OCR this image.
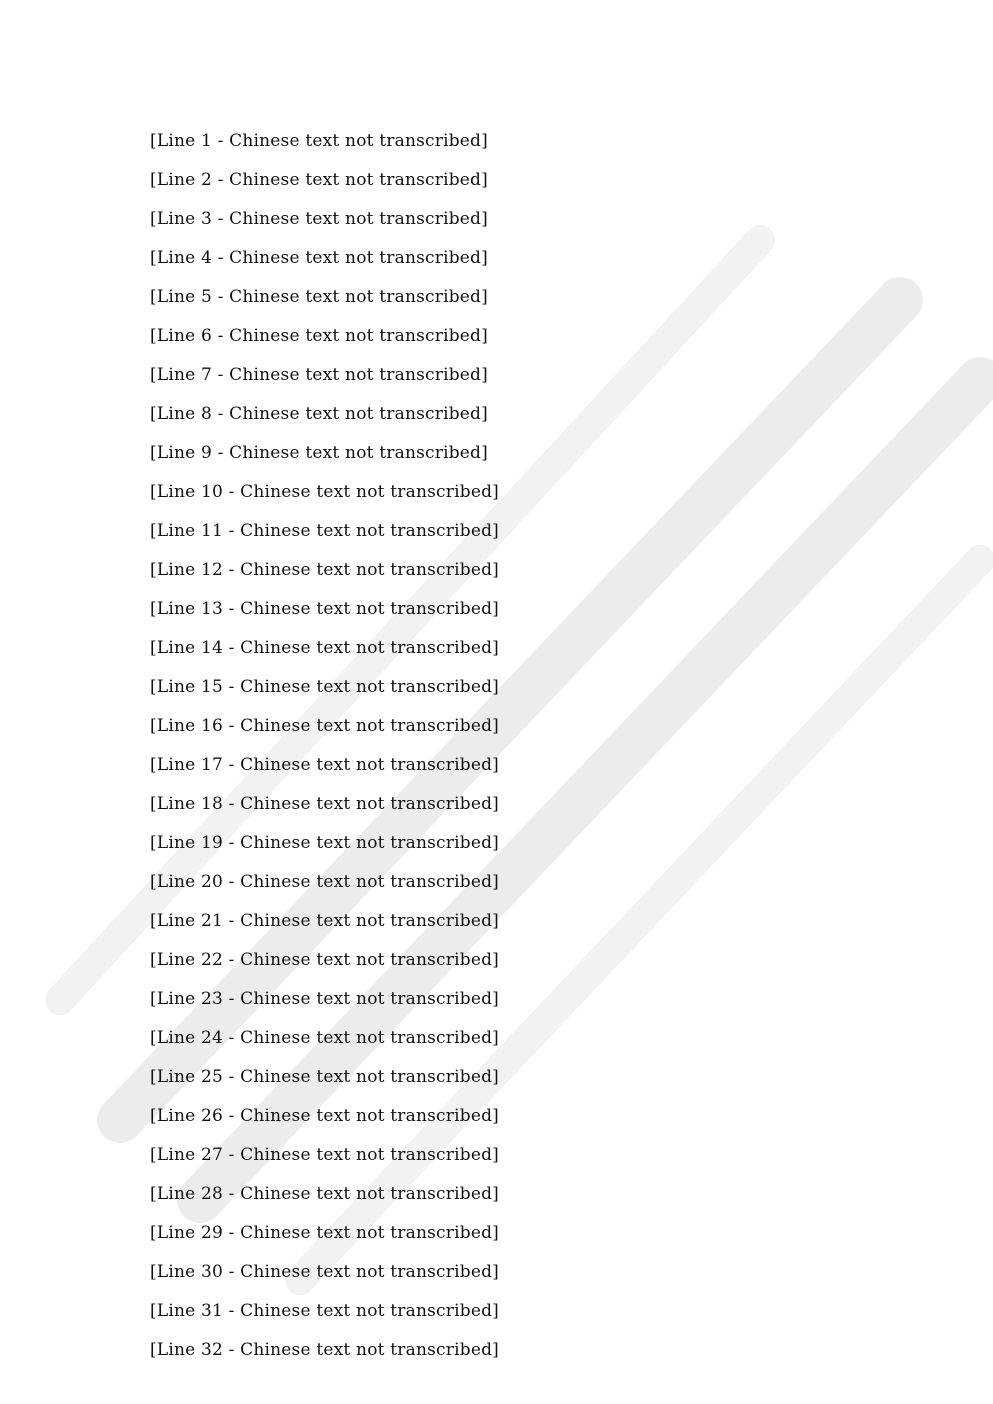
[Line 1 - Chinese text not transcribed]
[Line 2 - Chinese text not transcribed]
[Line 3 - Chinese text not transcribed]
[Line 4 - Chinese text not transcribed]
[Line 5 - Chinese text not transcribed]
[Line 6 - Chinese text not transcribed]
[Line 7 - Chinese text not transcribed]
[Line 8 - Chinese text not transcribed]
[Line 9 - Chinese text not transcribed]
[Line 10 - Chinese text not transcribed]
[Line 11 - Chinese text not transcribed]
[Line 12 - Chinese text not transcribed]
[Line 13 - Chinese text not transcribed]
[Line 14 - Chinese text not transcribed]
[Line 15 - Chinese text not transcribed]
[Line 16 - Chinese text not transcribed]
[Line 17 - Chinese text not transcribed]
[Line 18 - Chinese text not transcribed]
[Line 19 - Chinese text not transcribed]
[Line 20 - Chinese text not transcribed]
[Line 21 - Chinese text not transcribed]
[Line 22 - Chinese text not transcribed]
[Line 23 - Chinese text not transcribed]
[Line 24 - Chinese text not transcribed]
[Line 25 - Chinese text not transcribed]
[Line 26 - Chinese text not transcribed]
[Line 27 - Chinese text not transcribed]
[Line 28 - Chinese text not transcribed]
[Line 29 - Chinese text not transcribed]
[Line 30 - Chinese text not transcribed]
[Line 31 - Chinese text not transcribed]
[Line 32 - Chinese text not transcribed]
